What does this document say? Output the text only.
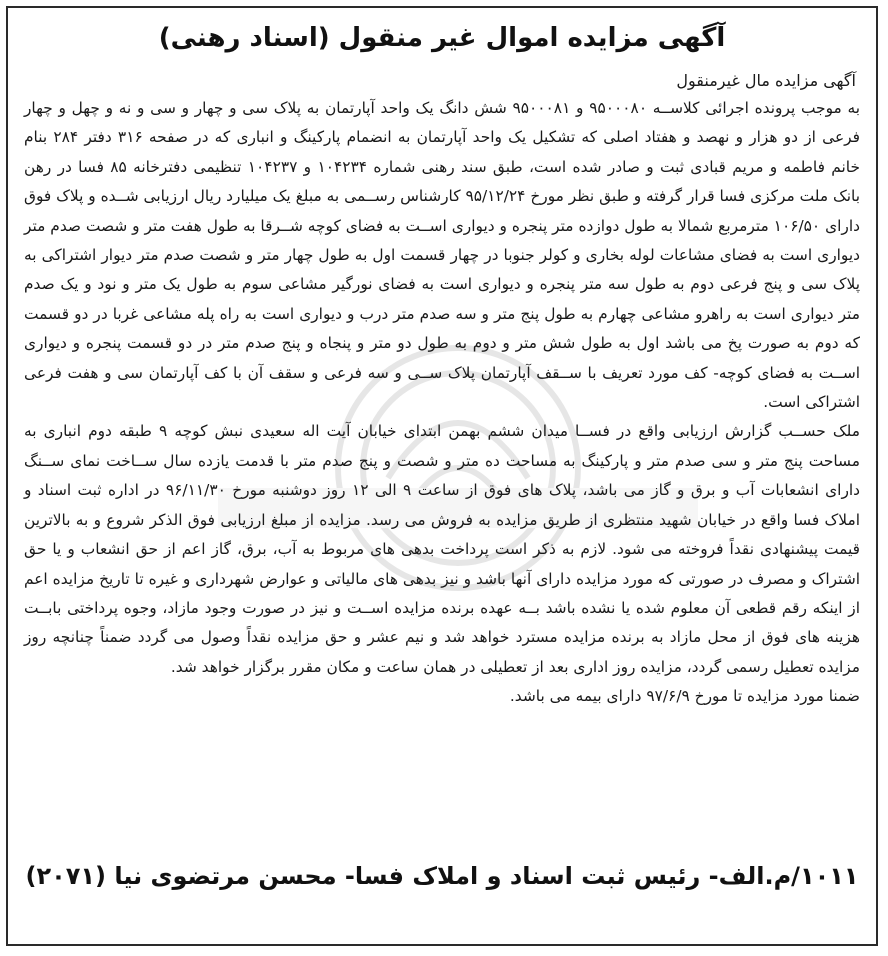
آگهی مزایده اموال غیر منقول (اسناد رهنی)
آگهی مزایده مال غیرمنقول

به موجب پرونده اجرائی کلاســه ۹۵۰۰۰۸۰ و ۹۵۰۰۰۸۱ شش دانگ یک واحد آپارتمان به پلاک سی و چهار و سی و نه و چهل و چهار فرعی از دو هزار و نهصد و هفتاد اصلی که تشکیل یک واحد آپارتمان به انضمام پارکینگ و انباری که در صفحه ۳۱۶ دفتر ۲۸۴ بنام خانم فاطمه و مریم قبادی ثبت و صادر شده است، طبق سند رهنی شماره ۱۰۴۲۳۴ و ۱۰۴۲۳۷ تنظیمی دفترخانه ۸۵ فسا در رهن بانک ملت مرکزی فسا قرار گرفته و طبق نظر مورخ ۹۵/۱۲/۲۴ کارشناس رســمی به مبلغ یک میلیارد ریال ارزیابی شــده و پلاک فوق دارای ۱۰۶/۵۰ مترمربع شمالا به طول دوازده متر پنجره و دیواری اســت به فضای کوچه شــرقا به طول هفت متر و شصت صدم متر دیواری است به فضای مشاعات لوله بخاری و کولر جنوبا در چهار قسمت اول به طول چهار متر و شصت صدم متر دیوار اشتراکی به پلاک سی و پنج فرعی دوم به طول سه متر پنجره و دیواری است به فضای نورگیر مشاعی سوم به طول یک متر و نود و یک صدم متر دیواری است به راهرو مشاعی چهارم به طول پنج متر و سه صدم متر درب و دیواری است به راه پله مشاعی غربا در دو قسمت که دوم به صورت پخ می باشد اول به طول شش متر و دوم به طول دو متر و پنجاه و پنج صدم متر در دو قسمت پنجره و دیواری اســت به فضای کوچه- کف مورد تعریف با ســقف آپارتمان پلاک ســی و سه فرعی و سقف آن با کف آپارتمان سی و هفت فرعی اشتراکی است.

ملک حســب گزارش ارزیابی واقع در فســا میدان ششم بهمن ابتدای خیابان آیت اله سعیدی نبش کوچه ۹ طبقه دوم انباری به مساحت پنج متر و سی صدم متر و پارکینگ به مساحت ده متر و شصت و پنج صدم متر با قدمت یازده سال ســاخت نمای ســنگ دارای انشعابات آب و برق و گاز می باشد، پلاک های فوق از ساعت ۹ الی ۱۲ روز دوشنبه مورخ ۹۶/۱۱/۳۰ در اداره ثبت اسناد و املاک فسا واقع در خیابان شهید منتظری از طریق مزایده به فروش می رسد. مزایده از مبلغ ارزیابی فوق الذکر شروع و به بالاترین قیمت پیشنهادی نقداً فروخته می شود. لازم به ذکر است پرداخت بدهی های مربوط به آب، برق، گاز اعم از حق انشعاب و یا حق اشتراک و مصرف در صورتی که مورد مزایده دارای آنها باشد و نیز بدهی های مالیاتی و عوارض شهرداری و غیره تا تاریخ مزایده اعم از اینکه رقم قطعی آن معلوم شده یا نشده باشد بــه عهده برنده مزایده اســت و نیز در صورت وجود مازاد، وجوه پرداختی بابــت هزینه های فوق از محل مازاد به برنده مزایده مسترد خواهد شد و نیم عشر و حق مزایده نقداً وصول می گردد ضمناً چنانچه روز مزایده تعطیل رسمی گردد، مزایده روز اداری بعد از تعطیلی در همان ساعت و مکان مقرر برگزار خواهد شد.

ضمنا مورد مزایده تا مورخ ۹۷/۶/۹ دارای بیمه می باشد.

۱۰۱۱/م.الف- رئیس ثبت اسناد و املاک فسا- محسن مرتضوی نیا (۲۰۷۱)
